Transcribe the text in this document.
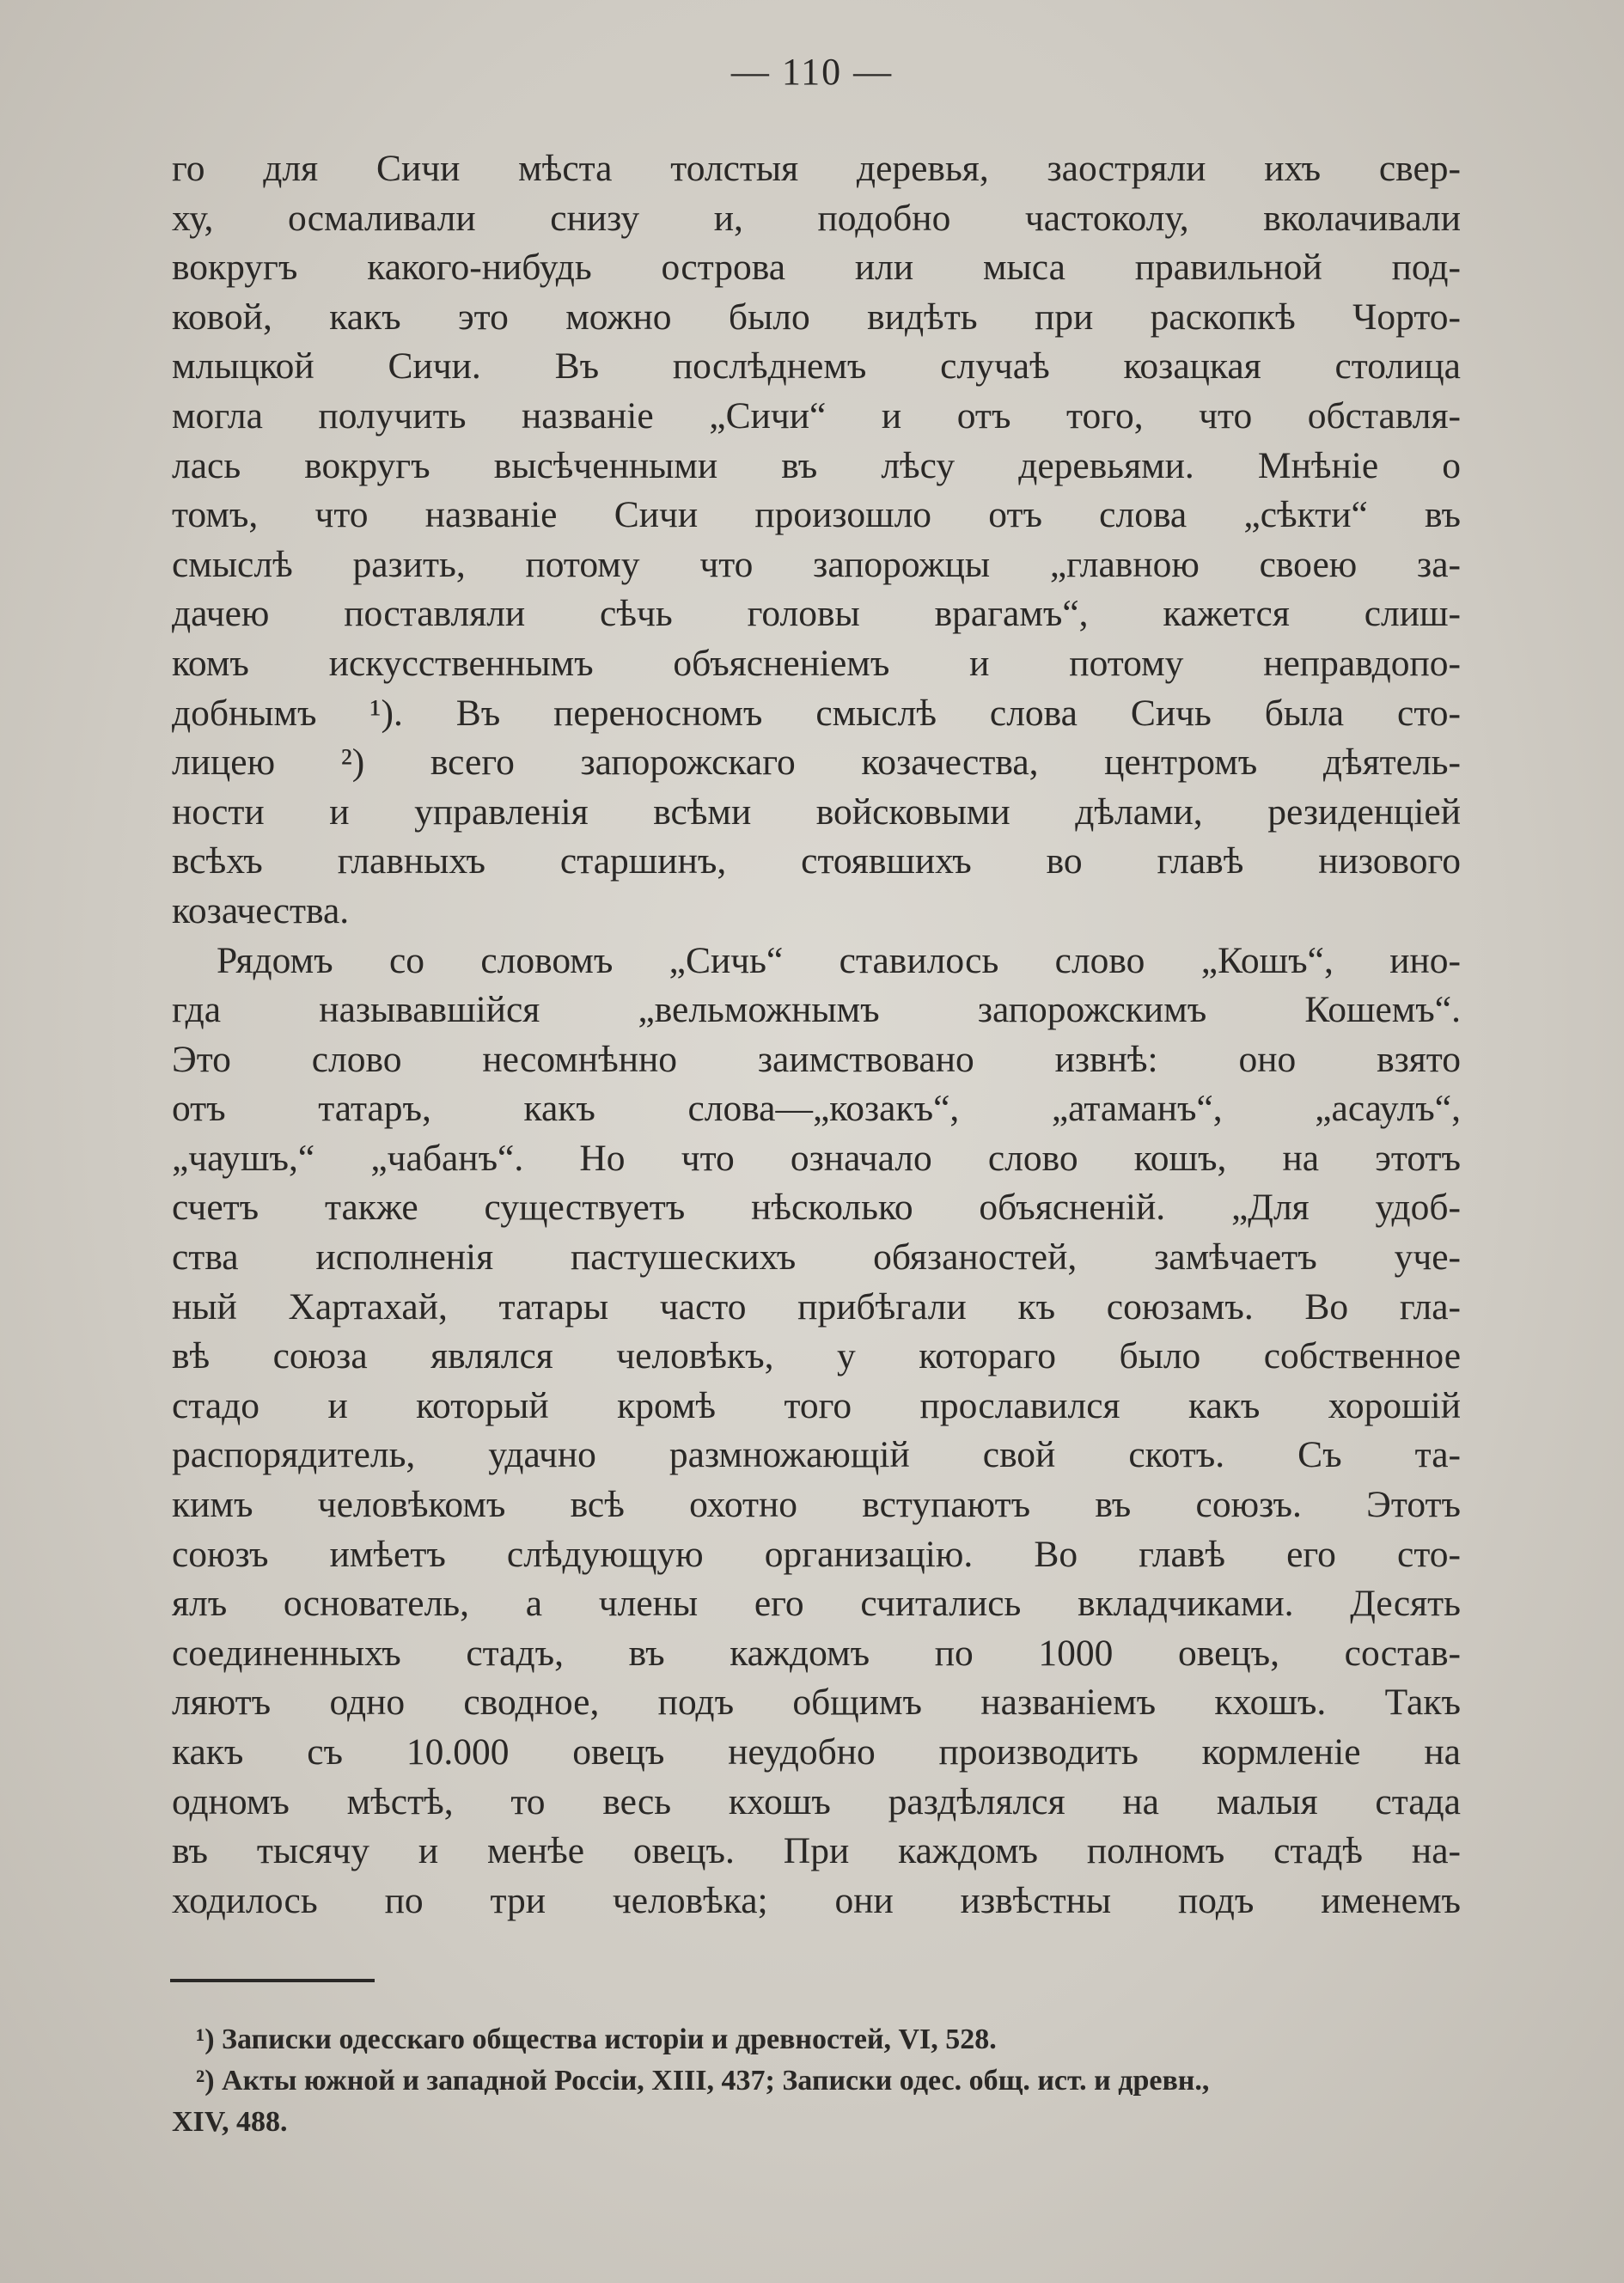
— 110 —
го для Сичи мѣста толстыя деревья, заостряли ихъ свер-
ху, осмаливали снизу и, подобно частоколу, вколачивали
вокругъ какого-нибудь острова или мыса правильной под-
ковой, какъ это можно было видѣть при раскопкѣ Чорто-
млыцкой Сичи. Въ послѣднемъ случаѣ козацкая столица
могла получить названіе „Сичи“ и отъ того, что обставля-
лась вокругъ высѣченными въ лѣсу деревьями. Мнѣніе о
томъ, что названіе Сичи произошло отъ слова „сѣкти“ въ
смыслѣ разить, потому что запорожцы „главною своею за-
дачею поставляли сѣчь головы врагамъ“, кажется слиш-
комъ искусственнымъ объясненіемъ и потому неправдопо-
добнымъ ¹). Въ переносномъ смыслѣ слова Сичь была сто-
лицею ²) всего запорожскаго козачества, центромъ дѣятель-
ности и управленія всѣми войсковыми дѣлами, резиденціей
всѣхъ главныхъ старшинъ, стоявшихъ во главѣ низового
козачества.
Рядомъ со словомъ „Сичь“ ставилось слово „Кошъ“, ино-
гда называвшійся „вельможнымъ запорожскимъ Кошемъ“.
Это слово несомнѣнно заимствовано извнѣ: оно взято
отъ татаръ, какъ слова—„козакъ“, „атаманъ“, „асаулъ“,
„чаушъ,“ „чабанъ“. Но что означало слово кошъ, на этотъ
счетъ также существуетъ нѣсколько объясненій. „Для удоб-
ства исполненія пастушескихъ обязаностей, замѣчаетъ уче-
ный Хартахай, татары часто прибѣгали къ союзамъ. Во гла-
вѣ союза являлся человѣкъ, у котораго было собственное
стадо и который кромѣ того прославился какъ хорошій
распорядитель, удачно размножающій свой скотъ. Съ та-
кимъ человѣкомъ всѣ охотно вступаютъ въ союзъ. Этотъ
союзъ имѣетъ слѣдующую организацію. Во главѣ его сто-
ялъ основатель, а члены его считались вкладчиками. Десять
соединенныхъ стадъ, въ каждомъ по 1000 овецъ, состав-
ляютъ одно сводное, подъ общимъ названіемъ кхошъ. Такъ
какъ съ 10.000 овецъ неудобно производить кормленіе на
одномъ мѣстѣ, то весь кхошъ раздѣлялся на малыя стада
въ тысячу и менѣе овецъ. При каждомъ полномъ стадѣ на-
ходилось по три человѣка; они извѣстны подъ именемъ
¹) Записки одесскаго общества исторіи и древностей, VI, 528.
²) Акты южной и западной Россіи, XIII, 437; Записки одес. общ. ист. и древн.,
XIV, 488.
